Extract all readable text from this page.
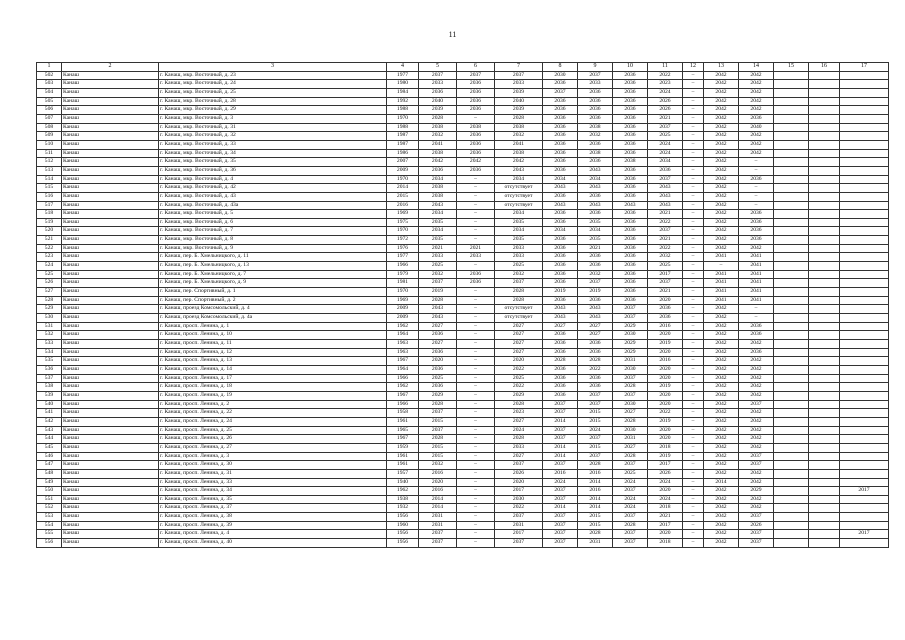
11
1	2	3	4	5	6	7	8	9	10	11	12	13	14	15	16	17
502	Канаш	г. Канаш, мкр. Восточный, д. 23	1977	2037	2037	2037	2030	2037	2036	2022	–	2042	2042			
503	Канаш	г. Канаш, мкр. Восточный, д. 24	1980	2033	2036	2033	2036	2033	2036	2023	–	2042	2042			
504	Канаш	г. Канаш, мкр. Восточный, д. 25	1984	2036	2036	2039	2037	2036	2036	2024	–	2042	2042			
505	Канаш	г. Канаш, мкр. Восточный, д. 28	1992	2040	2036	2040	2036	2036	2036	2026	–	2042	2042			
506	Канаш	г. Канаш, мкр. Восточный, д. 29	1988	2039	2036	2039	2036	2036	2036	2026	–	2042	2042			
507	Канаш	г. Канаш, мкр. Восточный, д. 3	1970	2028	–	2028	2036	2036	2036	2021	–	2042	2036			
508	Канаш	г. Канаш, мкр. Восточный, д. 31	1988	2038	2038	2038	2036	2038	2036	2037	–	2042	2040			
509	Канаш	г. Канаш, мкр. Восточный, д. 32	1987	2032	2036	2032	2036	2032	2036	2025	–	2042	2042			
510	Канаш	г. Канаш, мкр. Восточный, д. 33	1987	2041	2036	2041	2036	2036	2036	2024	–	2042	2042			
511	Канаш	г. Канаш, мкр. Восточный, д. 34	1986	2038	2036	2038	2036	2038	2036	2024	–	2042	2042			
512	Канаш	г. Канаш, мкр. Восточный, д. 35	2007	2042	2042	2042	2036	2036	2038	2034	–	2042	–			
513	Канаш	г. Канаш, мкр. Восточный, д. 36	2009	2036	2036	2043	2036	2043	2036	2036	–	2042	–			
514	Канаш	г. Канаш, мкр. Восточный, д. 4	1970	2034	–	2034	2034	2034	2036	2037	–	2042	2036			
515	Канаш	г. Канаш, мкр. Восточный, д. 42	2014	2038	–	отсутствует	2043	2043	2036	2043	–	2042	–			
516	Канаш	г. Канаш, мкр. Восточный, д. 43	2015	2038	–	отсутствует	2036	2036	2036	2043	–	2042	–			
517	Канаш	г. Канаш, мкр. Восточный, д. 43а	2016	2043	–	отсутствует	2043	2043	2043	2043	–	2042	–			
518	Канаш	г. Канаш, мкр. Восточный, д. 5	1969	2034	–	2034	2036	2036	2036	2021	–	2042	2036			
519	Канаш	г. Канаш, мкр. Восточный, д. 6	1975	2035	–	2035	2036	2035	2036	2022	–	2042	2036			
520	Канаш	г. Канаш, мкр. Восточный, д. 7	1970	2034	–	2034	2034	2034	2036	2037	–	2042	2036			
521	Канаш	г. Канаш, мкр. Восточный, д. 8	1972	2035	–	2035	2036	2035	2036	2021	–	2042	2036			
522	Канаш	г. Канаш, мкр. Восточный, д. 9	1976	2021	2021	2033	2036	2021	2036	2022	–	2042	2042			
523	Канаш	г. Канаш, пер. Б. Хмельницкого, д. 11	1977	2033	2033	2033	2036	2036	2036	2032	–	2041	2041			
524	Канаш	г. Канаш, пер. Б. Хмельницкого, д. 13	1966	2025	–	2025	2036	2036	2036	2025	–	–	2041			
525	Канаш	г. Канаш, пер. Б. Хмельницкого, д. 7	1979	2032	2036	2032	2036	2032	2036	2017	–	2041	2041			
526	Канаш	г. Канаш, пер. Б. Хмельницкого, д. 9	1981	2037	2036	2037	2036	2037	2036	2037	–	2041	2041			
527	Канаш	г. Канаш, пер. Спортивный, д. 1	1970	2019	–	2028	2019	2019	2036	2021	–	2041	2041			
528	Канаш	г. Канаш, пер. Спортивный, д. 2	1969	2028	–	2028	2036	2036	2036	2020	–	2041	2041			
529	Канаш	г. Канаш, проезд Комсомольский, д. 4	2009	2043	–	отсутствует	2043	2043	2037	2036	–	2042	–			
530	Канаш	г. Канаш, проезд Комсомольский, д. 4а	2009	2043	–	отсутствует	2043	2043	2037	2036	–	2042	–			
531	Канаш	г. Канаш, просп. Ленина, д. 1	1962	2027	–	2027	2027	2027	2029	2016	–	2042	2036			
532	Канаш	г. Канаш, просп. Ленина, д. 10	1964	2036	–	2027	2036	2027	2030	2020	–	2042	2036			
533	Канаш	г. Канаш, просп. Ленина, д. 11	1963	2027	–	2027	2036	2036	2029	2019	–	2042	2042			
534	Канаш	г. Канаш, просп. Ленина, д. 12	1963	2036	–	2027	2036	2036	2029	2020	–	2042	2036			
535	Канаш	г. Канаш, просп. Ленина, д. 13	1967	2020	–	2020	2028	2028	2031	2016	–	2042	2042			
536	Канаш	г. Канаш, просп. Ленина, д. 14	1964	2036	–	2022	2036	2022	2030	2020	–	2042	2042			
537	Канаш	г. Канаш, просп. Ленина, д. 17	1966	2025	–	2025	2036	2036	2037	2020	–	2042	2042			
538	Канаш	г. Канаш, просп. Ленина, д. 18	1962	2036	–	2022	2036	2036	2028	2019	–	2042	2042			
539	Канаш	г. Канаш, просп. Ленина, д. 19	1967	2029	–	2029	2036	2037	2037	2020	–	2042	2042			
540	Канаш	г. Канаш, просп. Ленина, д. 2	1966	2028	–	2028	2037	2037	2030	2020	–	2042	2037			
541	Канаш	г. Канаш, просп. Ленина, д. 22	1958	2037	–	2023	2037	2015	2027	2022	–	2042	2042			
542	Канаш	г. Канаш, просп. Ленина, д. 24	1961	2015	–	2027	2014	2015	2028	2019	–	2042	2042			
543	Канаш	г. Канаш, просп. Ленина, д. 25	1965	2037	–	2024	2037	2024	2030	2020	–	2042	2042			
544	Канаш	г. Канаш, просп. Ленина, д. 26	1967	2028	–	2028	2037	2037	2031	2020	–	2042	2042			
545	Канаш	г. Канаш, просп. Ленина, д. 27	1959	2015	–	2033	2014	2015	2027	2018	–	2042	2042			
546	Канаш	г. Канаш, просп. Ленина, д. 3	1961	2015	–	2027	2014	2037	2028	2019	–	2042	2037			
547	Канаш	г. Канаш, просп. Ленина, д. 30	1961	2032	–	2037	2037	2028	2037	2017	–	2042	2037			
548	Канаш	г. Канаш, просп. Ленина, д. 31	1957	2016	–	2026	2016	2016	2025	2026	–	2042	2042			
549	Канаш	г. Канаш, просп. Ленина, д. 33	1940	2020	–	2020	2024	2014	2024	2024	–	2014	2042			
550	Канаш	г. Канаш, просп. Ленина, д. 34	1962	2016	–	2017	2037	2016	2037	2020	–	2042	2029			2017
551	Канаш	г. Канаш, просп. Ленина, д. 35	1938	2014	–	2030	2037	2014	2024	2024	–	2042	2042			
552	Канаш	г. Канаш, просп. Ленина, д. 37	1932	2014	–	2022	2014	2014	2024	2018	–	2042	2042			
553	Канаш	г. Канаш, просп. Ленина, д. 38	1956	2031	–	2037	2037	2015	2037	2021	–	2042	2037			
554	Канаш	г. Канаш, просп. Ленина, д. 39	1960	2031	–	2031	2037	2015	2028	2017	–	2042	2026			
555	Канаш	г. Канаш, просп. Ленина, д. 4	1956	2037	–	2017	2037	2028	2037	2020	–	2042	2037			2017
556	Канаш	г. Канаш, просп. Ленина, д. 40	1956	2037	–	2037	2037	2031	2037	2018	–	2042	2037			
